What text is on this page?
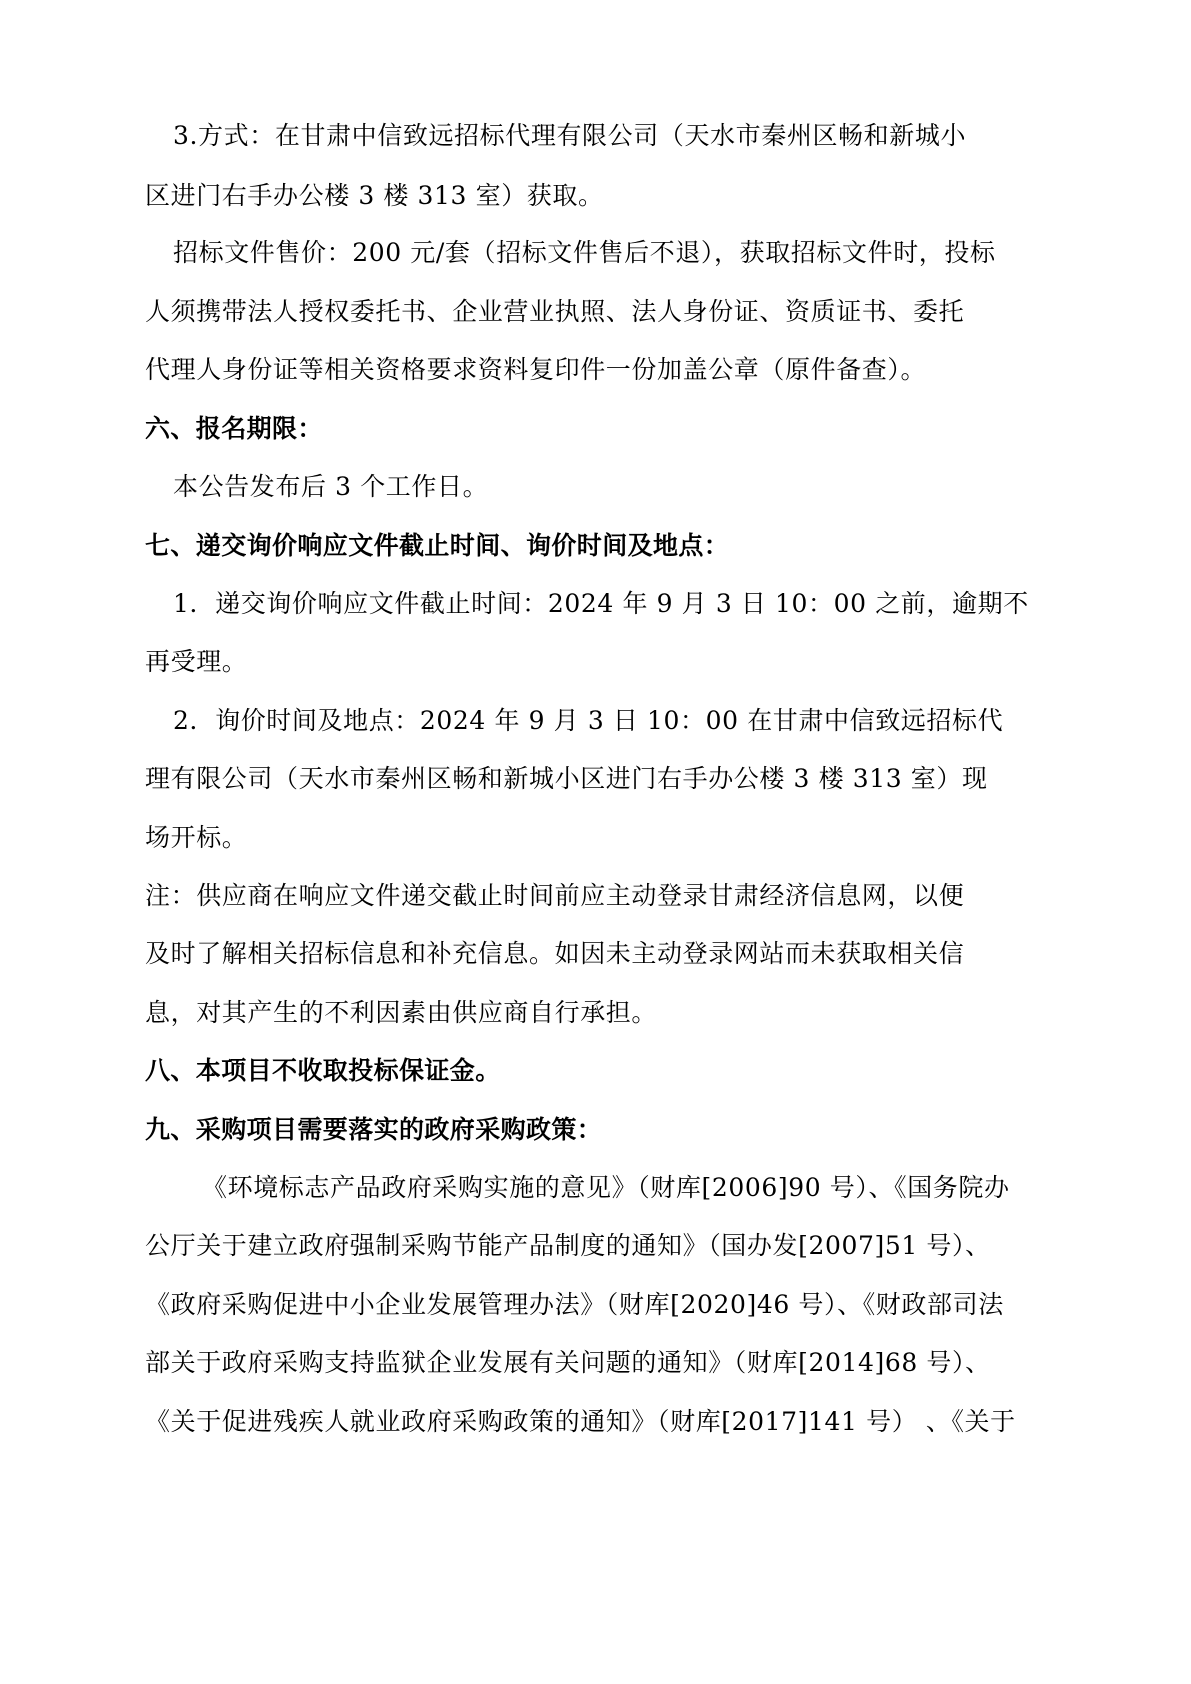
3.方式：在甘肃中信致远招标代理有限公司（天水市秦州区畅和新城小
区进门右手办公楼 3 楼 313 室）获取。
招标文件售价：200 元/套（招标文件售后不退），获取招标文件时，投标
人须携带法人授权委托书、企业营业执照、法人身份证、资质证书、委托
代理人身份证等相关资格要求资料复印件一份加盖公章（原件备查）。
六、报名期限：
本公告发布后 3 个工作日。
七、递交询价响应文件截止时间、询价时间及地点：
1．递交询价响应文件截止时间：2024 年 9 月 3 日 10：00 之前，逾期不
再受理。
2．询价时间及地点：2024 年 9 月 3 日 10：00 在甘肃中信致远招标代
理有限公司（天水市秦州区畅和新城小区进门右手办公楼 3 楼 313 室）现
场开标。
注：供应商在响应文件递交截止时间前应主动登录甘肃经济信息网，以便
及时了解相关招标信息和补充信息。如因未主动登录网站而未获取相关信
息，对其产生的不利因素由供应商自行承担。
八、本项目不收取投标保证金。
九、采购项目需要落实的政府采购政策：
《环境标志产品政府采购实施的意见》（财库[2006]90 号）、《国务院办
公厅关于建立政府强制采购节能产品制度的通知》（国办发[2007]51 号）、
《政府采购促进中小企业发展管理办法》（财库[2020]46 号）、《财政部司法
部关于政府采购支持监狱企业发展有关问题的通知》（财库[2014]68 号）、
《关于促进残疾人就业政府采购政策的通知》（财库[2017]141 号） 、《关于
